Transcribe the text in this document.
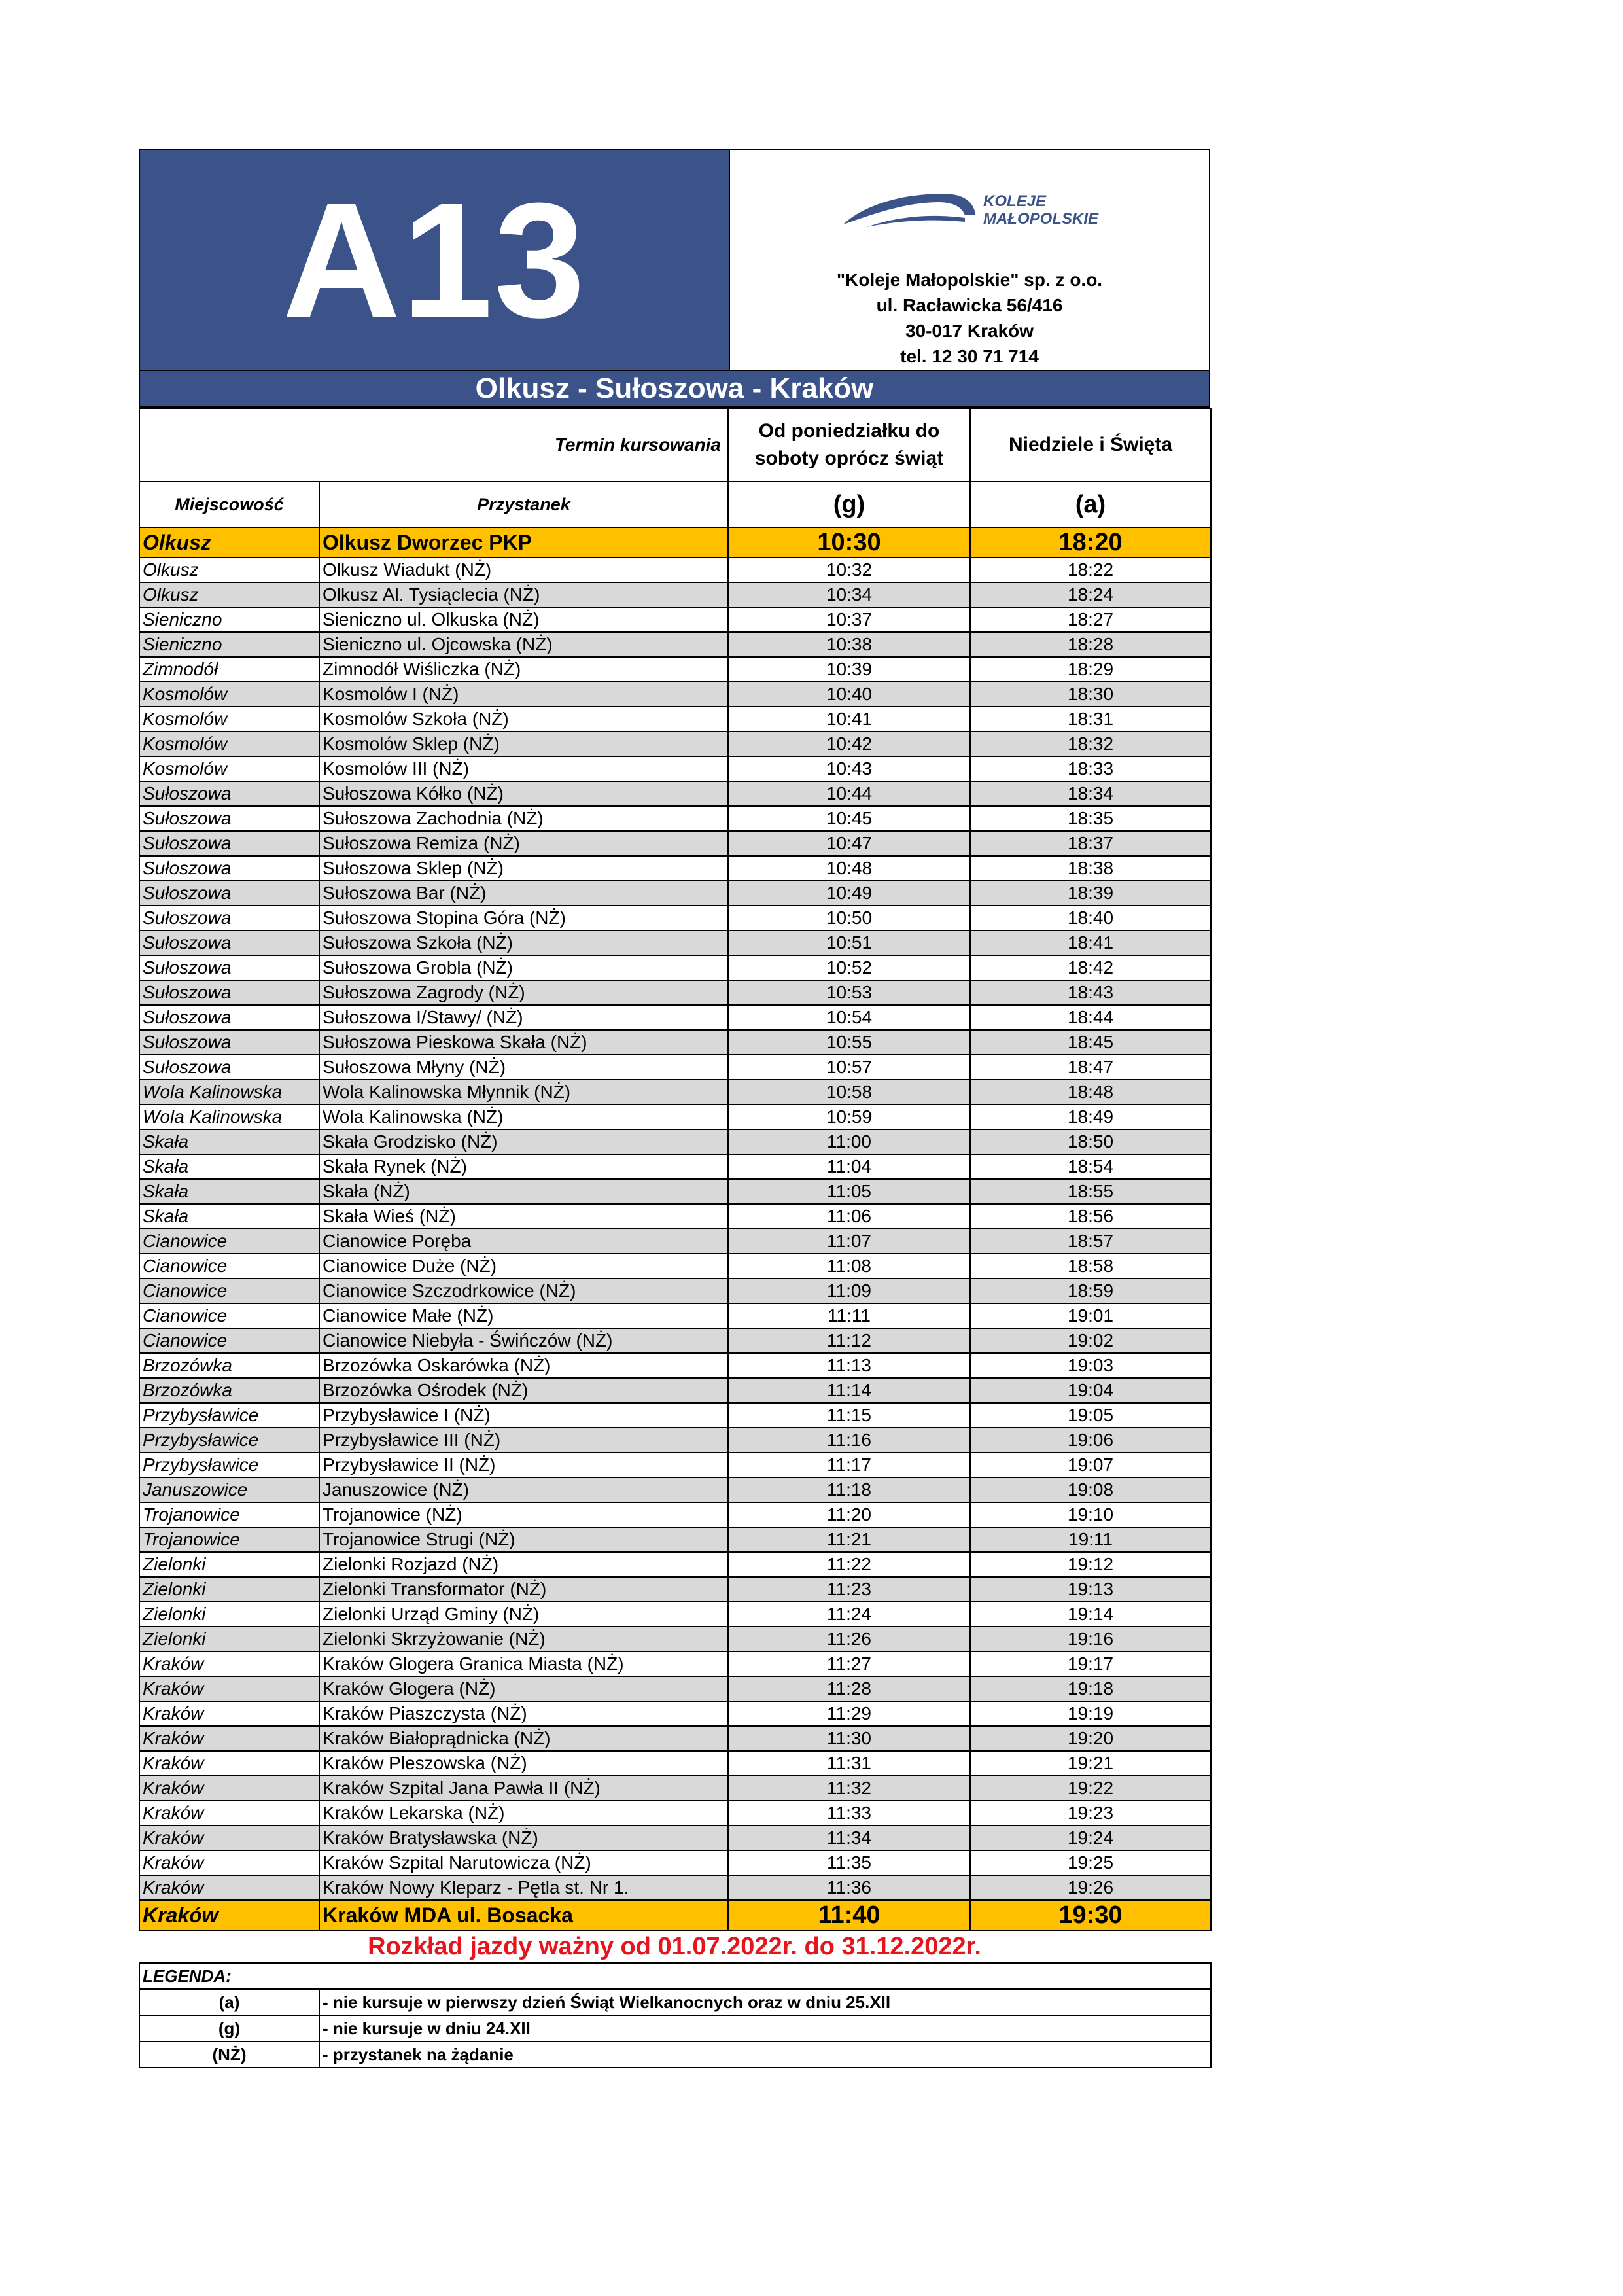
A13	KOLEJE
MAŁOPOLSKIE
"Koleje Małopolskie" sp. z o.o.
ul. Racławicka 56/416
30-017 Kraków
tel. 12 30 71 714
Olkusz - Sułoszowa - Kraków
Termin kursowania		Od poniedziałku do soboty oprócz świąt	Niedziele i Święta
Miejscowość	Przystanek	(g)	(a)
Olkusz	Olkusz Dworzec PKP	10:30	18:20
Olkusz	Olkusz Wiadukt (NŻ)	10:32	18:22
Olkusz	Olkusz Al. Tysiąclecia (NŻ)	10:34	18:24
Sieniczno	Sieniczno ul. Olkuska (NŻ)	10:37	18:27
Sieniczno	Sieniczno ul. Ojcowska (NŻ)	10:38	18:28
Zimnodół	Zimnodół Wiśliczka (NŻ)	10:39	18:29
Kosmolów	Kosmolów I (NŻ)	10:40	18:30
Kosmolów	Kosmolów Szkoła (NŻ)	10:41	18:31
Kosmolów	Kosmolów Sklep (NŻ)	10:42	18:32
Kosmolów	Kosmolów III (NŻ)	10:43	18:33
Sułoszowa	Sułoszowa Kółko (NŻ)	10:44	18:34
Sułoszowa	Sułoszowa Zachodnia (NŻ)	10:45	18:35
Sułoszowa	Sułoszowa Remiza (NŻ)	10:47	18:37
Sułoszowa	Sułoszowa Sklep (NŻ)	10:48	18:38
Sułoszowa	Sułoszowa Bar (NŻ)	10:49	18:39
Sułoszowa	Sułoszowa Stopina Góra (NŻ)	10:50	18:40
Sułoszowa	Sułoszowa Szkoła (NŻ)	10:51	18:41
Sułoszowa	Sułoszowa Grobla (NŻ)	10:52	18:42
Sułoszowa	Sułoszowa Zagrody (NŻ)	10:53	18:43
Sułoszowa	Sułoszowa I/Stawy/ (NŻ)	10:54	18:44
Sułoszowa	Sułoszowa Pieskowa Skała (NŻ)	10:55	18:45
Sułoszowa	Sułoszowa Młyny (NŻ)	10:57	18:47
Wola Kalinowska	Wola Kalinowska Młynnik (NŻ)	10:58	18:48
Wola Kalinowska	Wola Kalinowska (NŻ)	10:59	18:49
Skała	Skała Grodzisko (NŻ)	11:00	18:50
Skała	Skała Rynek (NŻ)	11:04	18:54
Skała	Skała (NŻ)	11:05	18:55
Skała	Skała Wieś (NŻ)	11:06	18:56
Cianowice	Cianowice Poręba	11:07	18:57
Cianowice	Cianowice Duże (NŻ)	11:08	18:58
Cianowice	Cianowice Szczodrkowice (NŻ)	11:09	18:59
Cianowice	Cianowice Małe (NŻ)	11:11	19:01
Cianowice	Cianowice Niebyła - Świńczów (NŻ)	11:12	19:02
Brzozówka	Brzozówka Oskarówka (NŻ)	11:13	19:03
Brzozówka	Brzozówka Ośrodek (NŻ)	11:14	19:04
Przybysławice	Przybysławice I (NŻ)	11:15	19:05
Przybysławice	Przybysławice III (NŻ)	11:16	19:06
Przybysławice	Przybysławice II (NŻ)	11:17	19:07
Januszowice	Januszowice (NŻ)	11:18	19:08
Trojanowice	Trojanowice (NŻ)	11:20	19:10
Trojanowice	Trojanowice Strugi (NŻ)	11:21	19:11
Zielonki	Zielonki Rozjazd (NŻ)	11:22	19:12
Zielonki	Zielonki Transformator (NŻ)	11:23	19:13
Zielonki	Zielonki Urząd Gminy (NŻ)	11:24	19:14
Zielonki	Zielonki Skrzyżowanie (NŻ)	11:26	19:16
Kraków	Kraków Glogera Granica Miasta (NŻ)	11:27	19:17
Kraków	Kraków Glogera (NŻ)	11:28	19:18
Kraków	Kraków Piaszczysta (NŻ)	11:29	19:19
Kraków	Kraków Białoprądnicka (NŻ)	11:30	19:20
Kraków	Kraków Pleszowska (NŻ)	11:31	19:21
Kraków	Kraków Szpital Jana Pawła II (NŻ)	11:32	19:22
Kraków	Kraków Lekarska (NŻ)	11:33	19:23
Kraków	Kraków Bratysławska (NŻ)	11:34	19:24
Kraków	Kraków Szpital Narutowicza (NŻ)	11:35	19:25
Kraków	Kraków Nowy Kleparz - Pętla st. Nr 1.	11:36	19:26
Kraków	Kraków MDA ul. Bosacka	11:40	19:30
Rozkład jazdy ważny od 01.07.2022r. do 31.12.2022r.
LEGENDA:	
(a)	- nie kursuje w pierwszy dzień Świąt Wielkanocnych oraz w dniu 25.XII
(g)	- nie kursuje w dniu 24.XII
(NŻ)	- przystanek na żądanie
